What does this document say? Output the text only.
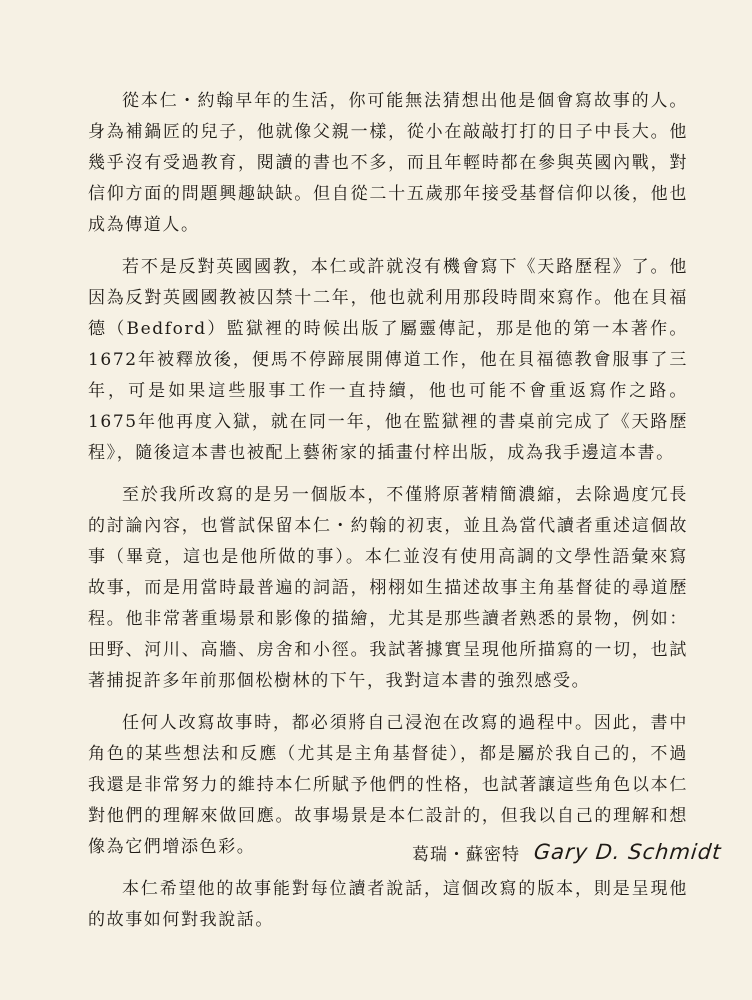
從本仁・約翰早年的生活，你可能無法猜想出他是個會寫故事的人。身為補鍋匠的兒子，他就像父親一樣，從小在敲敲打打的日子中長大。他幾乎沒有受過教育，閱讀的書也不多，而且年輕時都在參與英國內戰，對信仰方面的問題興趣缺缺。但自從二十五歲那年接受基督信仰以後，他也成為傳道人。

若不是反對英國國教，本仁或許就沒有機會寫下《天路歷程》了。他因為反對英國國教被囚禁十二年，他也就利用那段時間來寫作。他在貝福德（Bedford）監獄裡的時候出版了屬靈傳記，那是他的第一本著作。1672年被釋放後，便馬不停蹄展開傳道工作，他在貝福德教會服事了三年，可是如果這些服事工作一直持續，他也可能不會重返寫作之路。1675年他再度入獄，就在同一年，他在監獄裡的書桌前完成了《天路歷程》，隨後這本書也被配上藝術家的插畫付梓出版，成為我手邊這本書。

至於我所改寫的是另一個版本，不僅將原著精簡濃縮，去除過度冗長的討論內容，也嘗試保留本仁・約翰的初衷，並且為當代讀者重述這個故事（畢竟，這也是他所做的事）。本仁並沒有使用高調的文學性語彙來寫故事，而是用當時最普遍的詞語，栩栩如生描述故事主角基督徒的尋道歷程。他非常著重場景和影像的描繪，尤其是那些讀者熟悉的景物，例如：田野、河川、高牆、房舍和小徑。我試著據實呈現他所描寫的一切，也試著捕捉許多年前那個松樹林的下午，我對這本書的強烈感受。

任何人改寫故事時，都必須將自己浸泡在改寫的過程中。因此，書中角色的某些想法和反應（尤其是主角基督徒），都是屬於我自己的，不過我還是非常努力的維持本仁所賦予他們的性格，也試著讓這些角色以本仁對他們的理解來做回應。故事場景是本仁設計的，但我以自己的理解和想像為它們增添色彩。

本仁希望他的故事能對每位讀者說話，這個改寫的版本，則是呈現他的故事如何對我說話。

葛瑞・蘇密特 Gary D. Schmidt
